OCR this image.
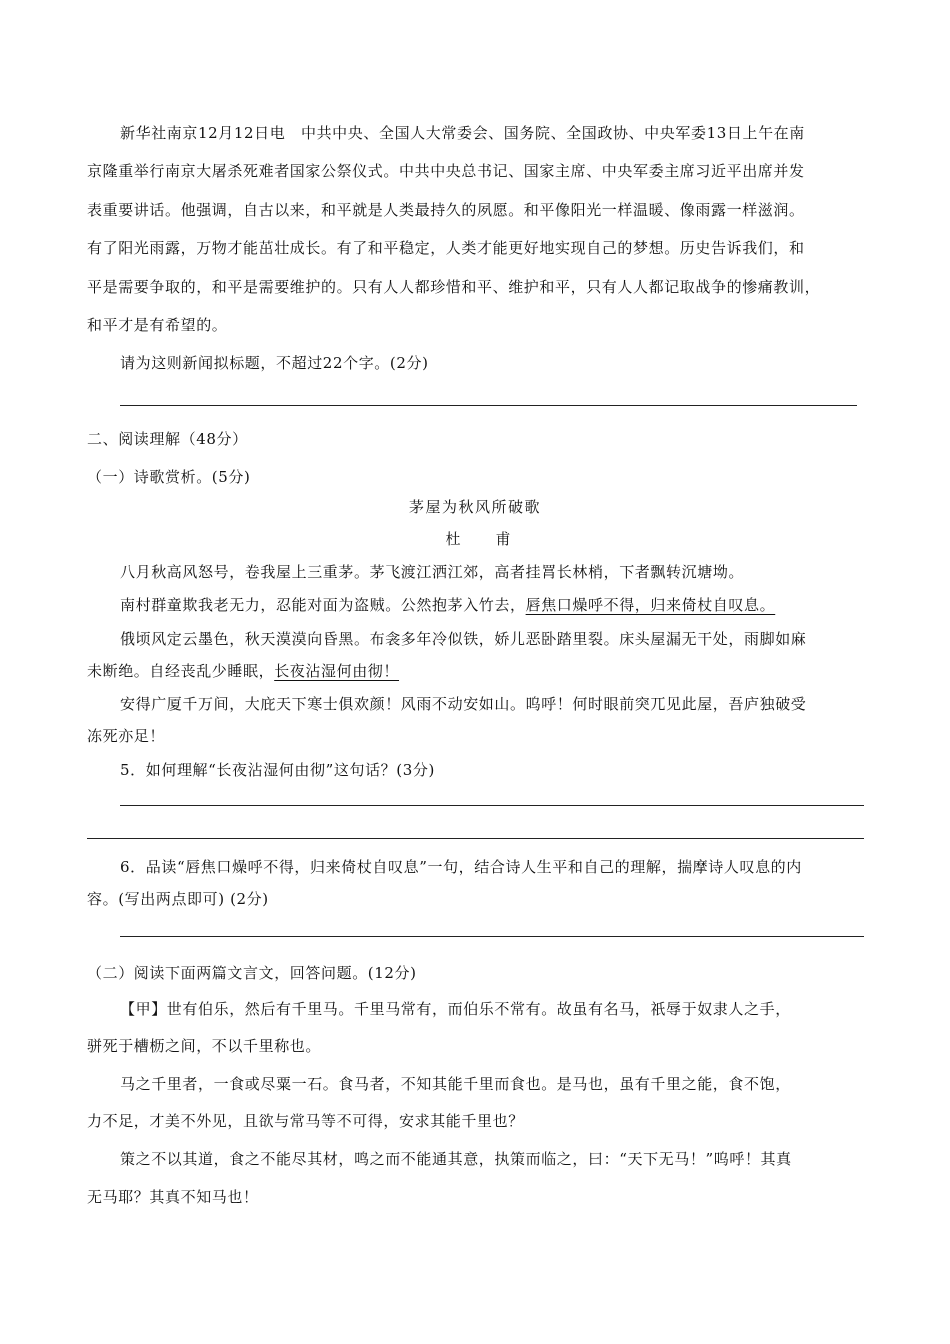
新华社南京12月12日电　中共中央、全国人大常委会、国务院、全国政协、中央军委13日上午在南
京隆重举行南京大屠杀死难者国家公祭仪式。中共中央总书记、国家主席、中央军委主席习近平出席并发
表重要讲话。他强调，自古以来，和平就是人类最持久的夙愿。和平像阳光一样温暖、像雨露一样滋润。
有了阳光雨露，万物才能茁壮成长。有了和平稳定，人类才能更好地实现自己的梦想。历史告诉我们，和
平是需要争取的，和平是需要维护的。只有人人都珍惜和平、维护和平，只有人人都记取战争的惨痛教训，
和平才是有希望的。
请为这则新闻拟标题，不超过22个字。(2分)
二、阅读理解（48分）
（一）诗歌赏析。(5分)
茅屋为秋风所破歌
杜　甫
八月秋高风怒号，卷我屋上三重茅。茅飞渡江洒江郊，高者挂罥长林梢，下者飘转沉塘坳。
南村群童欺我老无力，忍能对面为盗贼。公然抱茅入竹去，唇焦口燥呼不得，归来倚杖自叹息。
俄顷风定云墨色，秋天漠漠向昏黑。布衾多年冷似铁，娇儿恶卧踏里裂。床头屋漏无干处，雨脚如麻
未断绝。自经丧乱少睡眠，长夜沾湿何由彻！
安得广厦千万间，大庇天下寒士俱欢颜！风雨不动安如山。呜呼！何时眼前突兀见此屋，吾庐独破受
冻死亦足！
5．如何理解“长夜沾湿何由彻”这句话？(3分)
6．品读“唇焦口燥呼不得，归来倚杖自叹息”一句，结合诗人生平和自己的理解，揣摩诗人叹息的内
容。(写出两点即可) (2分)
（二）阅读下面两篇文言文，回答问题。(12分)
【甲】世有伯乐，然后有千里马。千里马常有，而伯乐不常有。故虽有名马，祇辱于奴隶人之手，
骈死于槽枥之间，不以千里称也。
马之千里者，一食或尽粟一石。食马者，不知其能千里而食也。是马也，虽有千里之能，食不饱，
力不足，才美不外见，且欲与常马等不可得，安求其能千里也？
策之不以其道，食之不能尽其材，鸣之而不能通其意，执策而临之，曰：“天下无马！”呜呼！其真
无马耶？其真不知马也！
